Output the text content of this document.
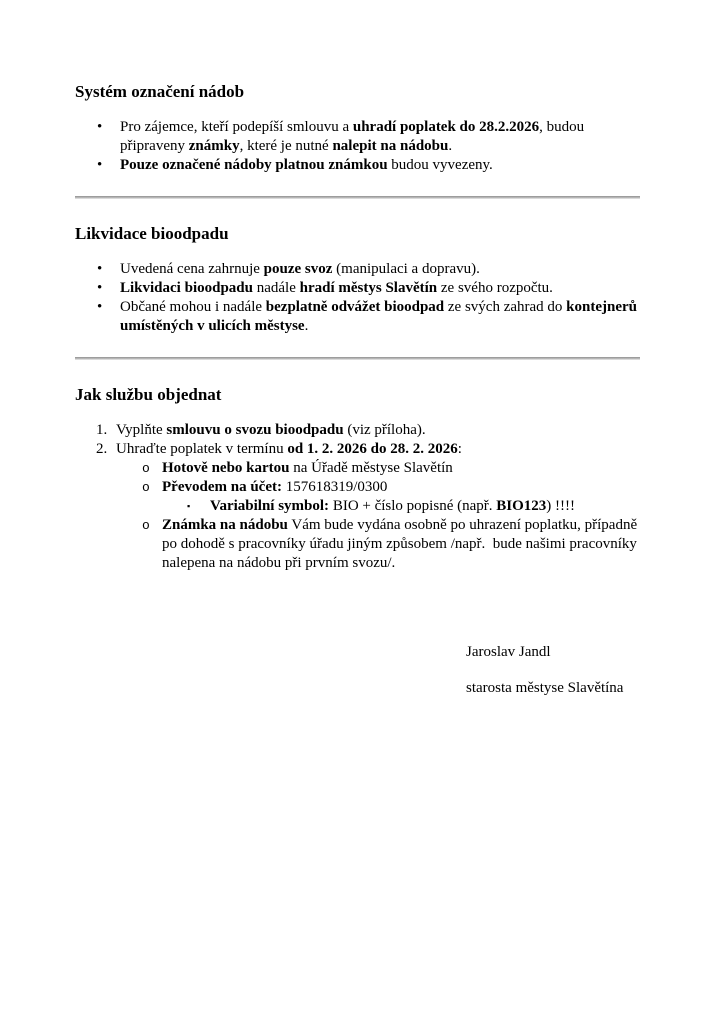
Systém označení nádob
•	Pro zájemce, kteří podepíší smlouvu a uhradí poplatek do 28.2.2026, budou připraveny známky, které je nutné nalepit na nádobu.
•	Pouze označené nádoby platnou známkou budou vyvezeny.
Likvidace bioodpadu
•	Uvedená cena zahrnuje pouze svoz (manipulaci a dopravu).
•	Likvidaci bioodpadu nadále hradí městys Slavětín ze svého rozpočtu.
•	Občané mohou i nadále bezplatně odvážet bioodpad ze svých zahrad do kontejnerů umístěných v ulicích městyse.
Jak službu objednat
1. Vyplňte smlouvu o svozu bioodpadu (viz příloha).
2. Uhraďte poplatek v termínu od 1. 2. 2026 do 28. 2. 2026:
o Hotově nebo kartou na Úřadě městyse Slavětín
o Převodem na účet: 157618319/0300
▪	Variabilní symbol: BIO + číslo popisné (např. BIO123) !!!!
o Známka na nádobu Vám bude vydána osobně po uhrazení poplatku, případně po dohodě s pracovníky úřadu jiným způsobem /např.  bude našimi pracovníky nalepena na nádobu při prvním svozu/.

Jaroslav Jandl

starosta městyse Slavětína
